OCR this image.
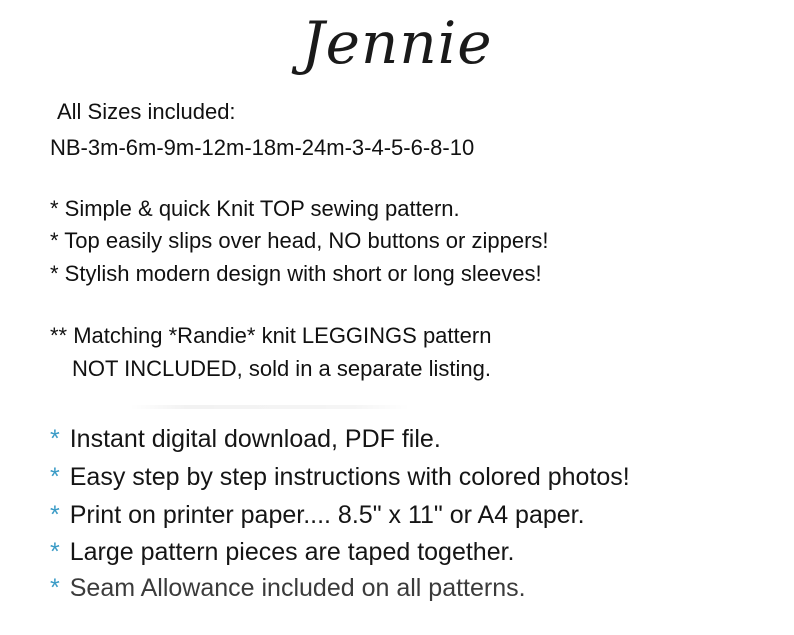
Jennie
All Sizes included:
NB-3m-6m-9m-12m-18m-24m-3-4-5-6-8-10
* Simple & quick Knit TOP sewing pattern.
* Top easily slips over head, NO buttons or zippers!
* Stylish modern design with short or long sleeves!
** Matching *Randie* knit LEGGINGS pattern
NOT INCLUDED, sold in a separate listing.
* Instant digital download, PDF file.
* Easy step by step instructions with colored photos!
* Print on printer paper.... 8.5" x 11" or A4 paper.
* Large pattern pieces are taped together.
* Seam Allowance included on all patterns.
